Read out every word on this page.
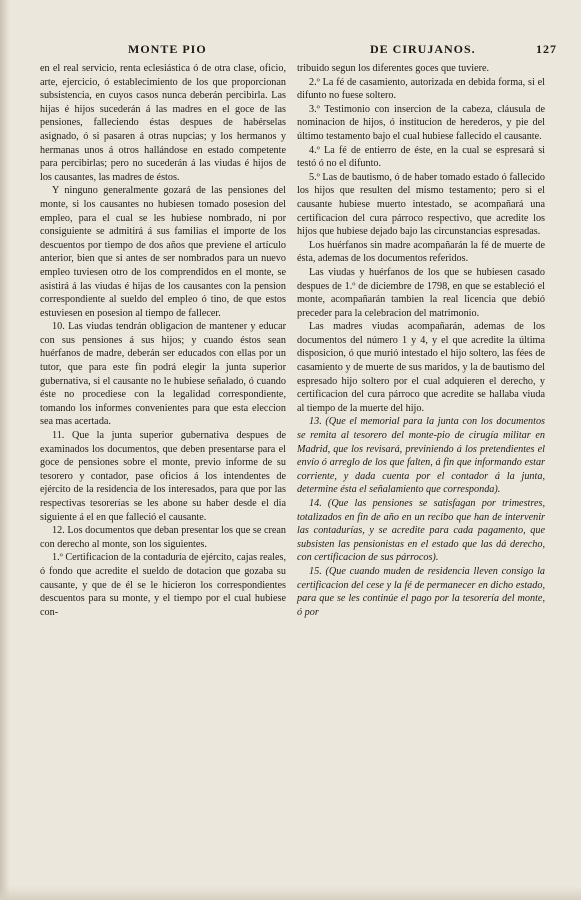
MONTE PIO	DE CIRUJANOS.	127

en el real servicio, renta eclesiástica ó de otra clase, oficio, arte, ejercicio, ó establecimiento de los que proporcionan subsistencia, en cuyos casos nunca deberán percibirla. Las hijas é hijos sucederán á las madres en el goce de las pensiones, falleciendo éstas despues de habérselas asignado, ó si pasaren á otras nupcias; y los hermanos y hermanas unos á otros hallándose en estado competente para percibirlas; pero no sucederán á las viudas é hijos de los causantes, las madres de éstos.

Y ninguno generalmente gozará de las pensiones del monte, si los causantes no hubiesen tomado posesion del empleo, para el cual se les hubiese nombrado, ni por consiguiente se admitirá á sus familias el importe de los descuentos por tiempo de dos años que previene el artículo anterior, bien que si antes de ser nombrados para un nuevo empleo tuviesen otro de los comprendidos en el monte, se asistirá á las viudas é hijas de los causantes con la pension correspondiente al sueldo del empleo ó tino, de que estos estuviesen en posesion al tiempo de fallecer.

10. Las viudas tendrán obligacion de mantener y educar con sus pensiones á sus hijos; y cuando éstos sean huérfanos de madre, deberán ser educados con ellas por un tutor, que para este fin podrá elegir la junta superior gubernativa, si el causante no le hubiese señalado, ó cuando éste no procediese con la legalidad correspondiente, tomando los informes convenientes para que esta eleccion sea mas acertada.

11. Que la junta superior gubernativa despues de examinados los documentos, que deben presentarse para el goce de pensiones sobre el monte, previo informe de su tesorero y contador, pase oficios á los intendentes de ejército de la residencia de los interesados, para que por las respectivas tesorerías se les abone su haber desde el dia siguiente á el en que falleció el causante.

12. Los documentos que deban presentar los que se crean con derecho al monte, son los siguientes.

1.º Certificacion de la contaduría de ejército, cajas reales, ó fondo que acredite el sueldo de dotacion que gozaba su causante, y que de él se le hicieron los correspondientes descuentos para su monte, y el tiempo por el cual hubiese con-

tribuido segun los diferentes goces que tuviere.

2.º La fé de casamiento, autorizada en debida forma, si el difunto no fuese soltero.

3.º Testimonio con insercion de la cabeza, cláusula de nominacion de hijos, ó institucion de herederos, y pie del último testamento bajo el cual hubiese fallecido el causante.

4.º La fé de entierro de éste, en la cual se espresará si testó ó no el difunto.

5.º Las de bautismo, ó de haber tomado estado ó fallecido los hijos que resulten del mismo testamento; pero si el causante hubiese muerto intestado, se acompañará una certificacion del cura párroco respectivo, que acredite los hijos que hubiese dejado bajo las circunstancias espresadas.

Los huérfanos sin madre acompañarán la fé de muerte de ésta, ademas de los documentos referidos.

Las viudas y huérfanos de los que se hubiesen casado despues de 1.º de diciembre de 1798, en que se estableció el monte, acompañarán tambien la real licencia que debió preceder para la celebracion del matrimonio.

Las madres viudas acompañarán, ademas de los documentos del número 1 y 4, y el que acredite la última disposicion, ó que murió intestado el hijo soltero, las fées de casamiento y de muerte de sus maridos, y la de bautismo del espresado hijo soltero por el cual adquieren el derecho, y certificacion del cura párroco que acredite se hallaba viuda al tiempo de la muerte del hijo.

13. (Que el memorial para la junta con los documentos se remita al tesorero del monte-pio de cirugía militar en Madrid, que los revisará, previniendo á los pretendientes el envío ó arreglo de los que falten, á fin que informando estar corriente, y dada cuenta por el contador á la junta, determine ésta el señalamiento que corresponda).

14. (Que las pensiones se satisfagan por trimestres, totalizados en fin de año en un recibo que han de intervenir las contadurías, y se acredite para cada pagamento, que subsisten las pensionistas en el estado que las dá derecho, con certificacion de sus párrocos).

15. (Que cuando muden de residencia lleven consigo la certificacion del cese y la fé de permanecer en dicho estado, para que se les continúe el pago por la tesorería del monte, ó por
